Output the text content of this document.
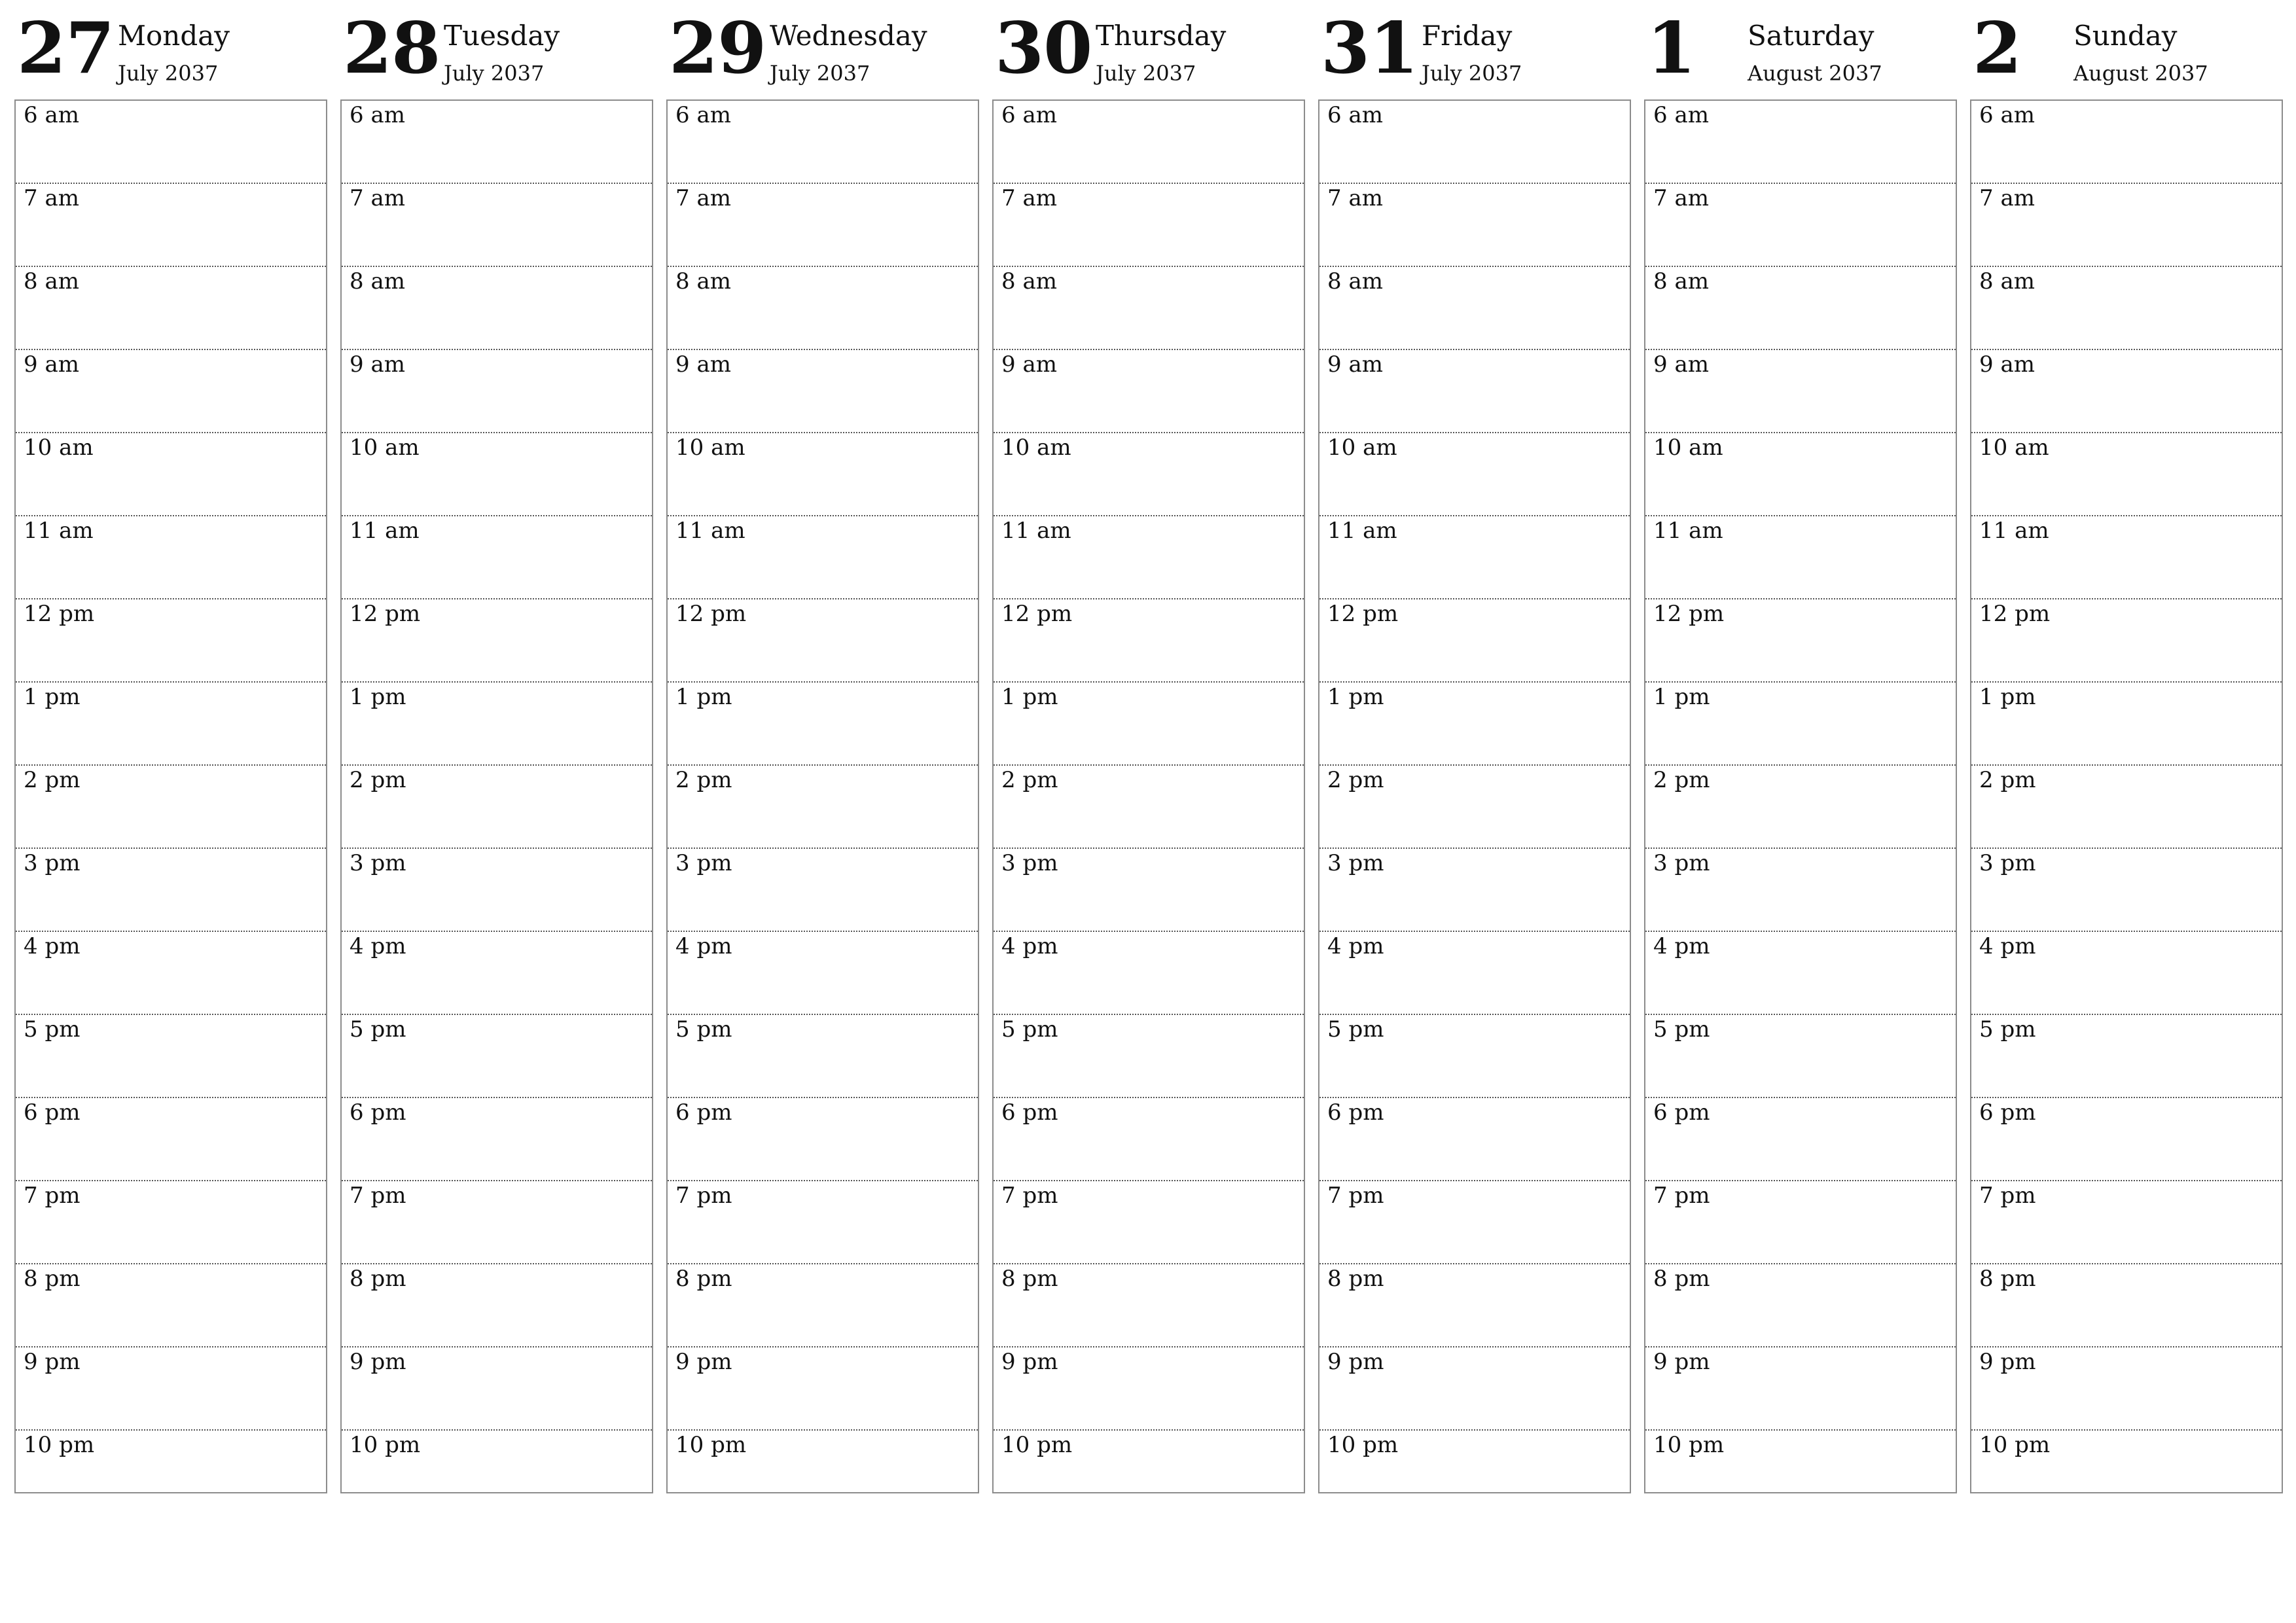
27 Monday
July 2037
6 am
7 am
8 am
9 am
10 am
11 am
12 pm
1 pm
2 pm
3 pm
4 pm
5 pm
6 pm
7 pm
8 pm
9 pm
10 pm
28 Tuesday
July 2037
6 am
7 am
8 am
9 am
10 am
11 am
12 pm
1 pm
2 pm
3 pm
4 pm
5 pm
6 pm
7 pm
8 pm
9 pm
10 pm
29 Wednesday
July 2037
6 am
7 am
8 am
9 am
10 am
11 am
12 pm
1 pm
2 pm
3 pm
4 pm
5 pm
6 pm
7 pm
8 pm
9 pm
10 pm
30 Thursday
July 2037
6 am
7 am
8 am
9 am
10 am
11 am
12 pm
1 pm
2 pm
3 pm
4 pm
5 pm
6 pm
7 pm
8 pm
9 pm
10 pm
31 Friday
July 2037
6 am
7 am
8 am
9 am
10 am
11 am
12 pm
1 pm
2 pm
3 pm
4 pm
5 pm
6 pm
7 pm
8 pm
9 pm
10 pm
1 Saturday
August 2037
6 am
7 am
8 am
9 am
10 am
11 am
12 pm
1 pm
2 pm
3 pm
4 pm
5 pm
6 pm
7 pm
8 pm
9 pm
10 pm
2 Sunday
August 2037
6 am
7 am
8 am
9 am
10 am
11 am
12 pm
1 pm
2 pm
3 pm
4 pm
5 pm
6 pm
7 pm
8 pm
9 pm
10 pm
